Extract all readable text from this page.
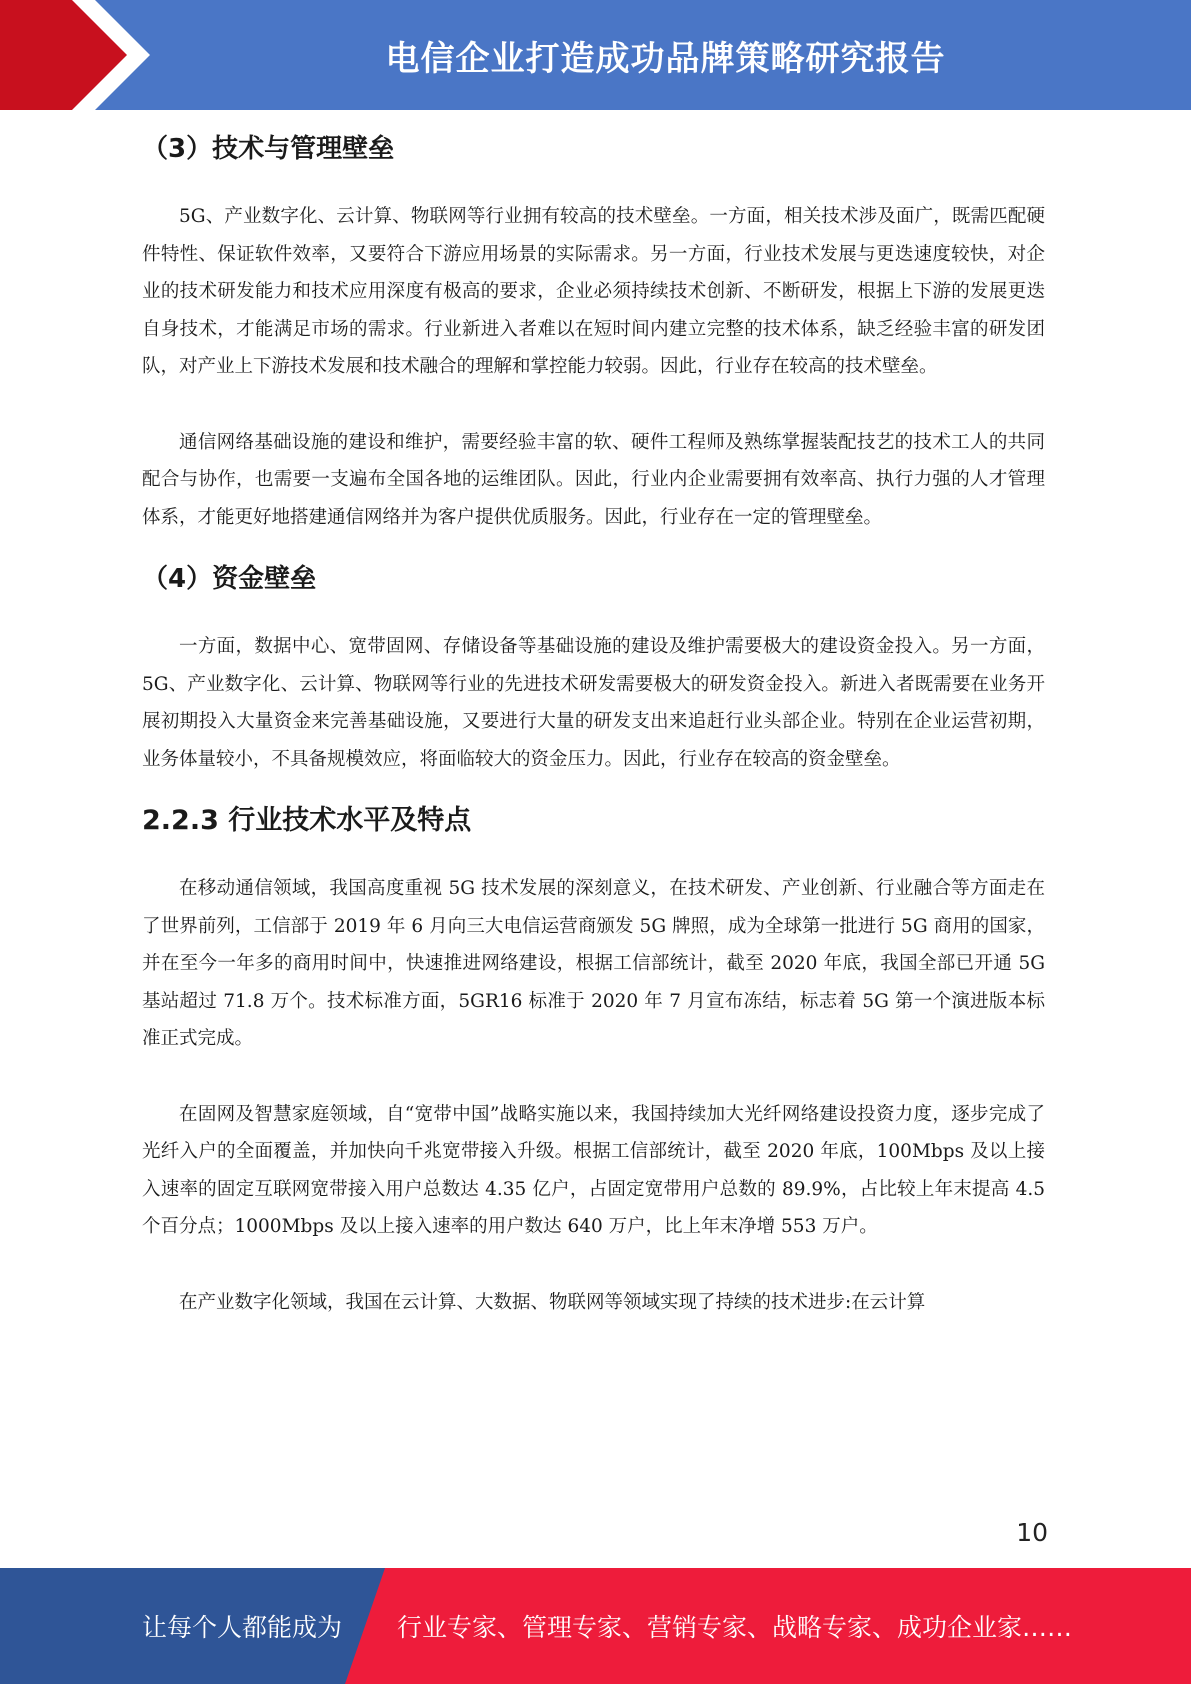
电信企业打造成功品牌策略研究报告
（3）技术与管理壁垒

5G、产业数字化、云计算、物联网等行业拥有较高的技术壁垒。一方面，相关技术涉及面广，既需匹配硬件特性、保证软件效率，又要符合下游应用场景的实际需求。另一方面，行业技术发展与更迭速度较快，对企业的技术研发能力和技术应用深度有极高的要求，企业必须持续技术创新、不断研发，根据上下游的发展更迭自身技术，才能满足市场的需求。行业新进入者难以在短时间内建立完整的技术体系，缺乏经验丰富的研发团队，对产业上下游技术发展和技术融合的理解和掌控能力较弱。因此，行业存在较高的技术壁垒。

通信网络基础设施的建设和维护，需要经验丰富的软、硬件工程师及熟练掌握装配技艺的技术工人的共同配合与协作，也需要一支遍布全国各地的运维团队。因此，行业内企业需要拥有效率高、执行力强的人才管理体系，才能更好地搭建通信网络并为客户提供优质服务。因此，行业存在一定的管理壁垒。

（4）资金壁垒

一方面，数据中心、宽带固网、存储设备等基础设施的建设及维护需要极大的建设资金投入。另一方面，5G、产业数字化、云计算、物联网等行业的先进技术研发需要极大的研发资金投入。新进入者既需要在业务开展初期投入大量资金来完善基础设施，又要进行大量的研发支出来追赶行业头部企业。特别在企业运营初期，业务体量较小，不具备规模效应，将面临较大的资金压力。因此，行业存在较高的资金壁垒。

2.2.3 行业技术水平及特点

在移动通信领域，我国高度重视 5G 技术发展的深刻意义，在技术研发、产业创新、行业融合等方面走在了世界前列，工信部于 2019 年 6 月向三大电信运营商颁发 5G 牌照，成为全球第一批进行 5G 商用的国家，并在至今一年多的商用时间中，快速推进网络建设，根据工信部统计，截至 2020 年底，我国全部已开通 5G 基站超过 71.8 万个。技术标准方面，5GR16 标准于 2020 年 7 月宣布冻结，标志着 5G 第一个演进版本标准正式完成。

在固网及智慧家庭领域，自“宽带中国”战略实施以来，我国持续加大光纤网络建设投资力度，逐步完成了光纤入户的全面覆盖，并加快向千兆宽带接入升级。根据工信部统计，截至 2020 年底，100Mbps 及以上接入速率的固定互联网宽带接入用户总数达 4.35 亿户，占固定宽带用户总数的 89.9%，占比较上年末提高 4.5 个百分点；1000Mbps 及以上接入速率的用户数达 640 万户，比上年末净增 553 万户。

在产业数字化领域，我国在云计算、大数据、物联网等领域实现了持续的技术进步:在云计算

10
让每个人都能成为 行业专家、管理专家、营销专家、战略专家、成功企业家……
